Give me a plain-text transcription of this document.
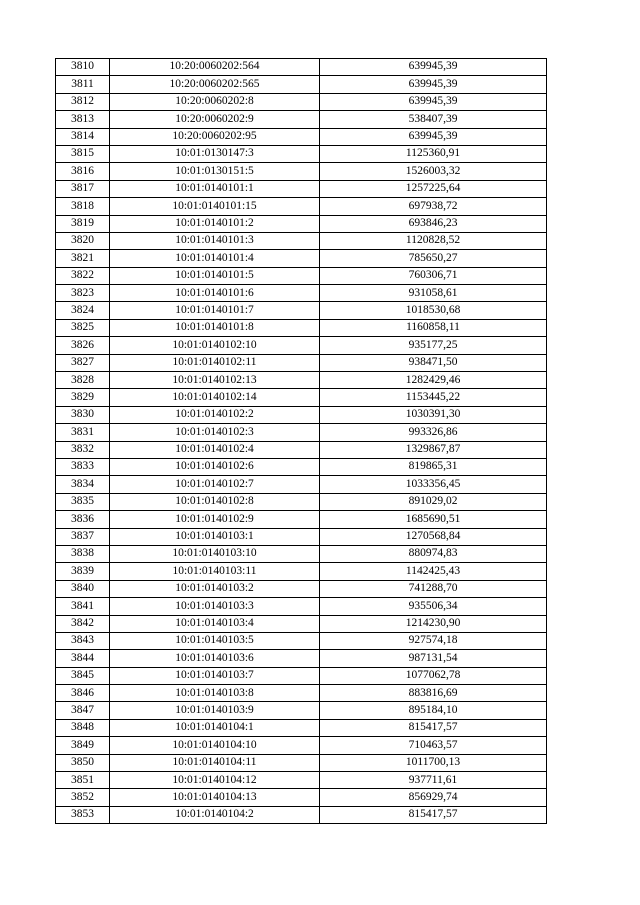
3810	10:20:0060202:564	639945,39
3811	10:20:0060202:565	639945,39
3812	10:20:0060202:8	639945,39
3813	10:20:0060202:9	538407,39
3814	10:20:0060202:95	639945,39
3815	10:01:0130147:3	1125360,91
3816	10:01:0130151:5	1526003,32
3817	10:01:0140101:1	1257225,64
3818	10:01:0140101:15	697938,72
3819	10:01:0140101:2	693846,23
3820	10:01:0140101:3	1120828,52
3821	10:01:0140101:4	785650,27
3822	10:01:0140101:5	760306,71
3823	10:01:0140101:6	931058,61
3824	10:01:0140101:7	1018530,68
3825	10:01:0140101:8	1160858,11
3826	10:01:0140102:10	935177,25
3827	10:01:0140102:11	938471,50
3828	10:01:0140102:13	1282429,46
3829	10:01:0140102:14	1153445,22
3830	10:01:0140102:2	1030391,30
3831	10:01:0140102:3	993326,86
3832	10:01:0140102:4	1329867,87
3833	10:01:0140102:6	819865,31
3834	10:01:0140102:7	1033356,45
3835	10:01:0140102:8	891029,02
3836	10:01:0140102:9	1685690,51
3837	10:01:0140103:1	1270568,84
3838	10:01:0140103:10	880974,83
3839	10:01:0140103:11	1142425,43
3840	10:01:0140103:2	741288,70
3841	10:01:0140103:3	935506,34
3842	10:01:0140103:4	1214230,90
3843	10:01:0140103:5	927574,18
3844	10:01:0140103:6	987131,54
3845	10:01:0140103:7	1077062,78
3846	10:01:0140103:8	883816,69
3847	10:01:0140103:9	895184,10
3848	10:01:0140104:1	815417,57
3849	10:01:0140104:10	710463,57
3850	10:01:0140104:11	1011700,13
3851	10:01:0140104:12	937711,61
3852	10:01:0140104:13	856929,74
3853	10:01:0140104:2	815417,57
